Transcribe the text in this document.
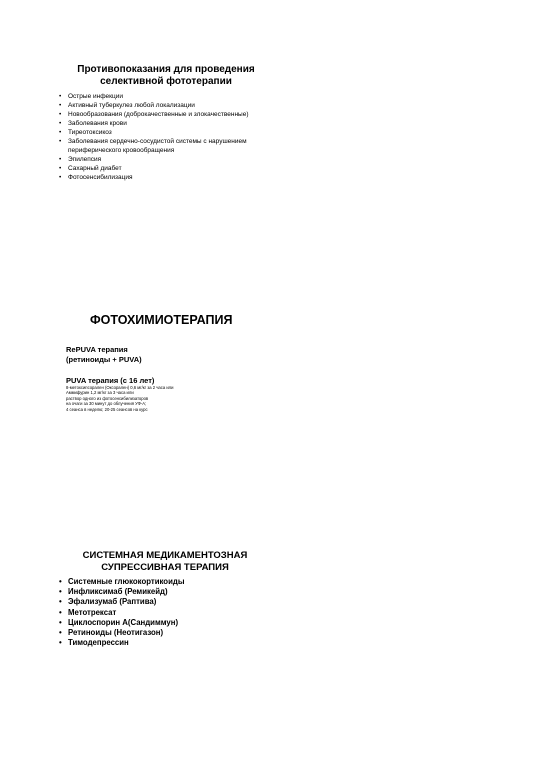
Противопоказания для проведения
селективной фототерапии
• Острые инфекции
• Активный туберкулез любой локализации
• Новообразования (доброкачественные и злокачественные)
• Заболевания крови
• Тиреотоксикоз
• Заболевания сердечно-сосудистой системы с нарушением периферического кровообращения
• Эпилепсия
• Сахарный диабет
• Фотосенсибилизация
ФОТОХИМИОТЕРАПИЯ
RePUVA терапия
(ретиноиды + PUVA)
PUVA терапия (с 16 лет)

8-метоксипсорален (Оксорален) 0,6 мг/кг за 2 часа или
Аммифурин 1,2 мг/кг за 3 часа или
раствор одного из фотосенсибилизаторов
на очаги за 30 минут до облучения УФ-А;
4 сеанса в неделю; 20-25 сеансов на курс

СИСТЕМНАЯ МЕДИКАМЕНТОЗНАЯ
СУПРЕССИВНАЯ ТЕРАПИЯ
• Системные глюкокортикоиды
• Инфликсимаб (Ремикейд)
• Эфализумаб (Раптива)
• Метотрексат
• Циклоспорин А(Сандиммун)
• Ретиноиды (Неотигазон)
• Тимодепрессин
